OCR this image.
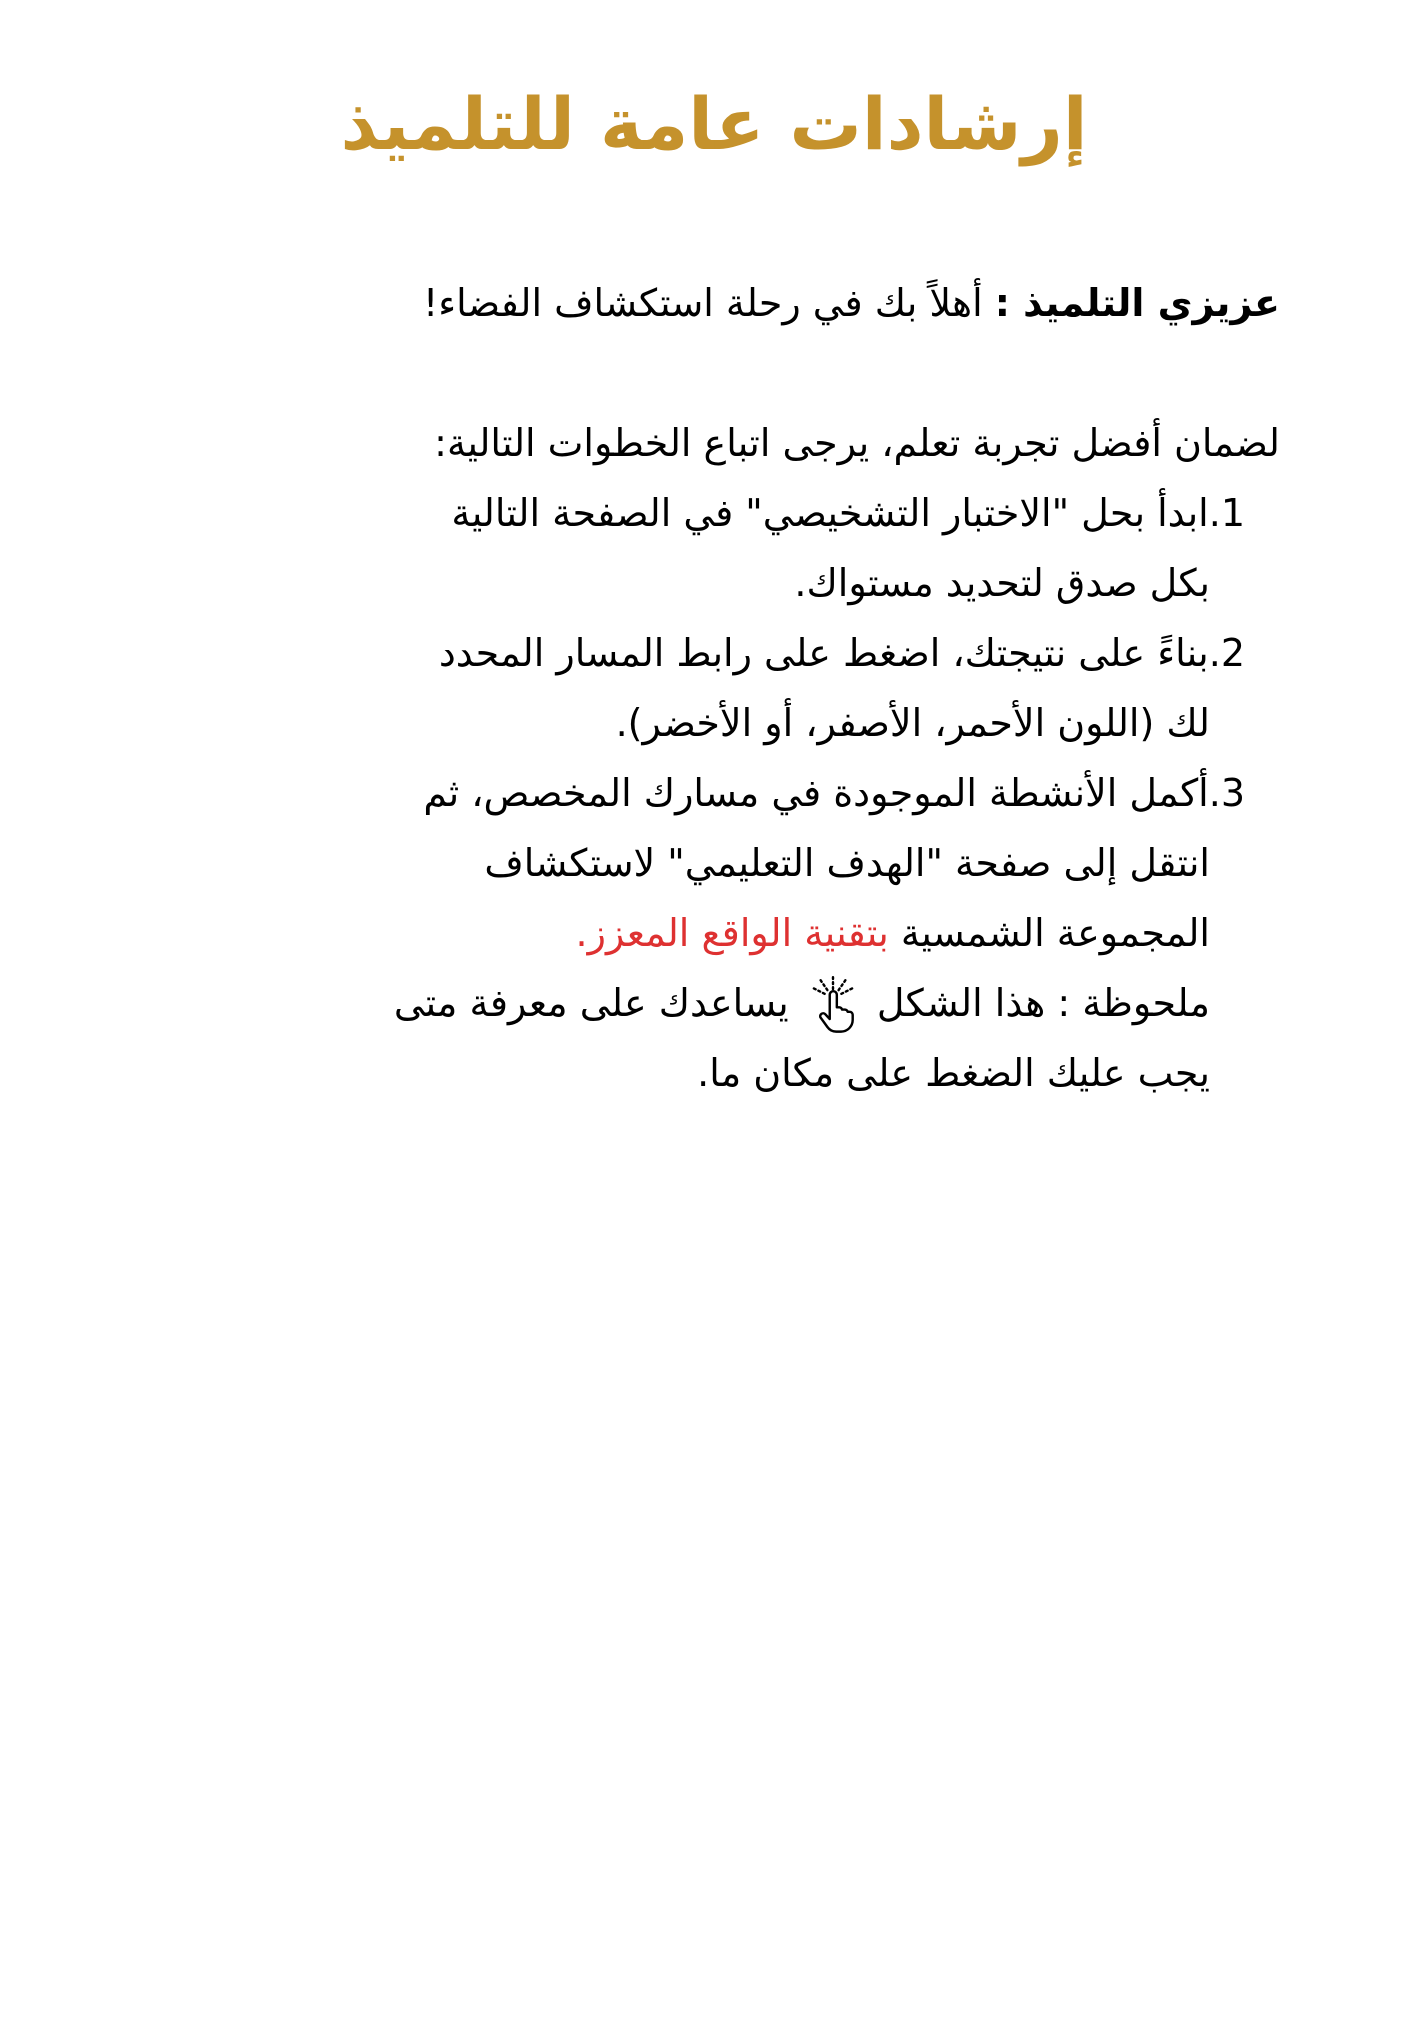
إرشادات عامة للتلميذ
عزيزي التلميذ : أهلاً بك في رحلة استكشاف الفضاء!
لضمان أفضل تجربة تعلم، يرجى اتباع الخطوات التالية:
1.ابدأ بحل "الاختبار التشخيصي" في الصفحة التالية
بكل صدق لتحديد مستواك.
2.بناءً على نتيجتك، اضغط على رابط المسار المحدد
لك (اللون الأحمر، الأصفر، أو الأخضر).
3.أكمل الأنشطة الموجودة في مسارك المخصص، ثم
انتقل إلى صفحة "الهدف التعليمي" لاستكشاف
المجموعة الشمسية بتقنية الواقع المعزز.
ملحوظة : هذا الشكل  يساعدك على معرفة متى
يجب عليك الضغط على مكان ما.
